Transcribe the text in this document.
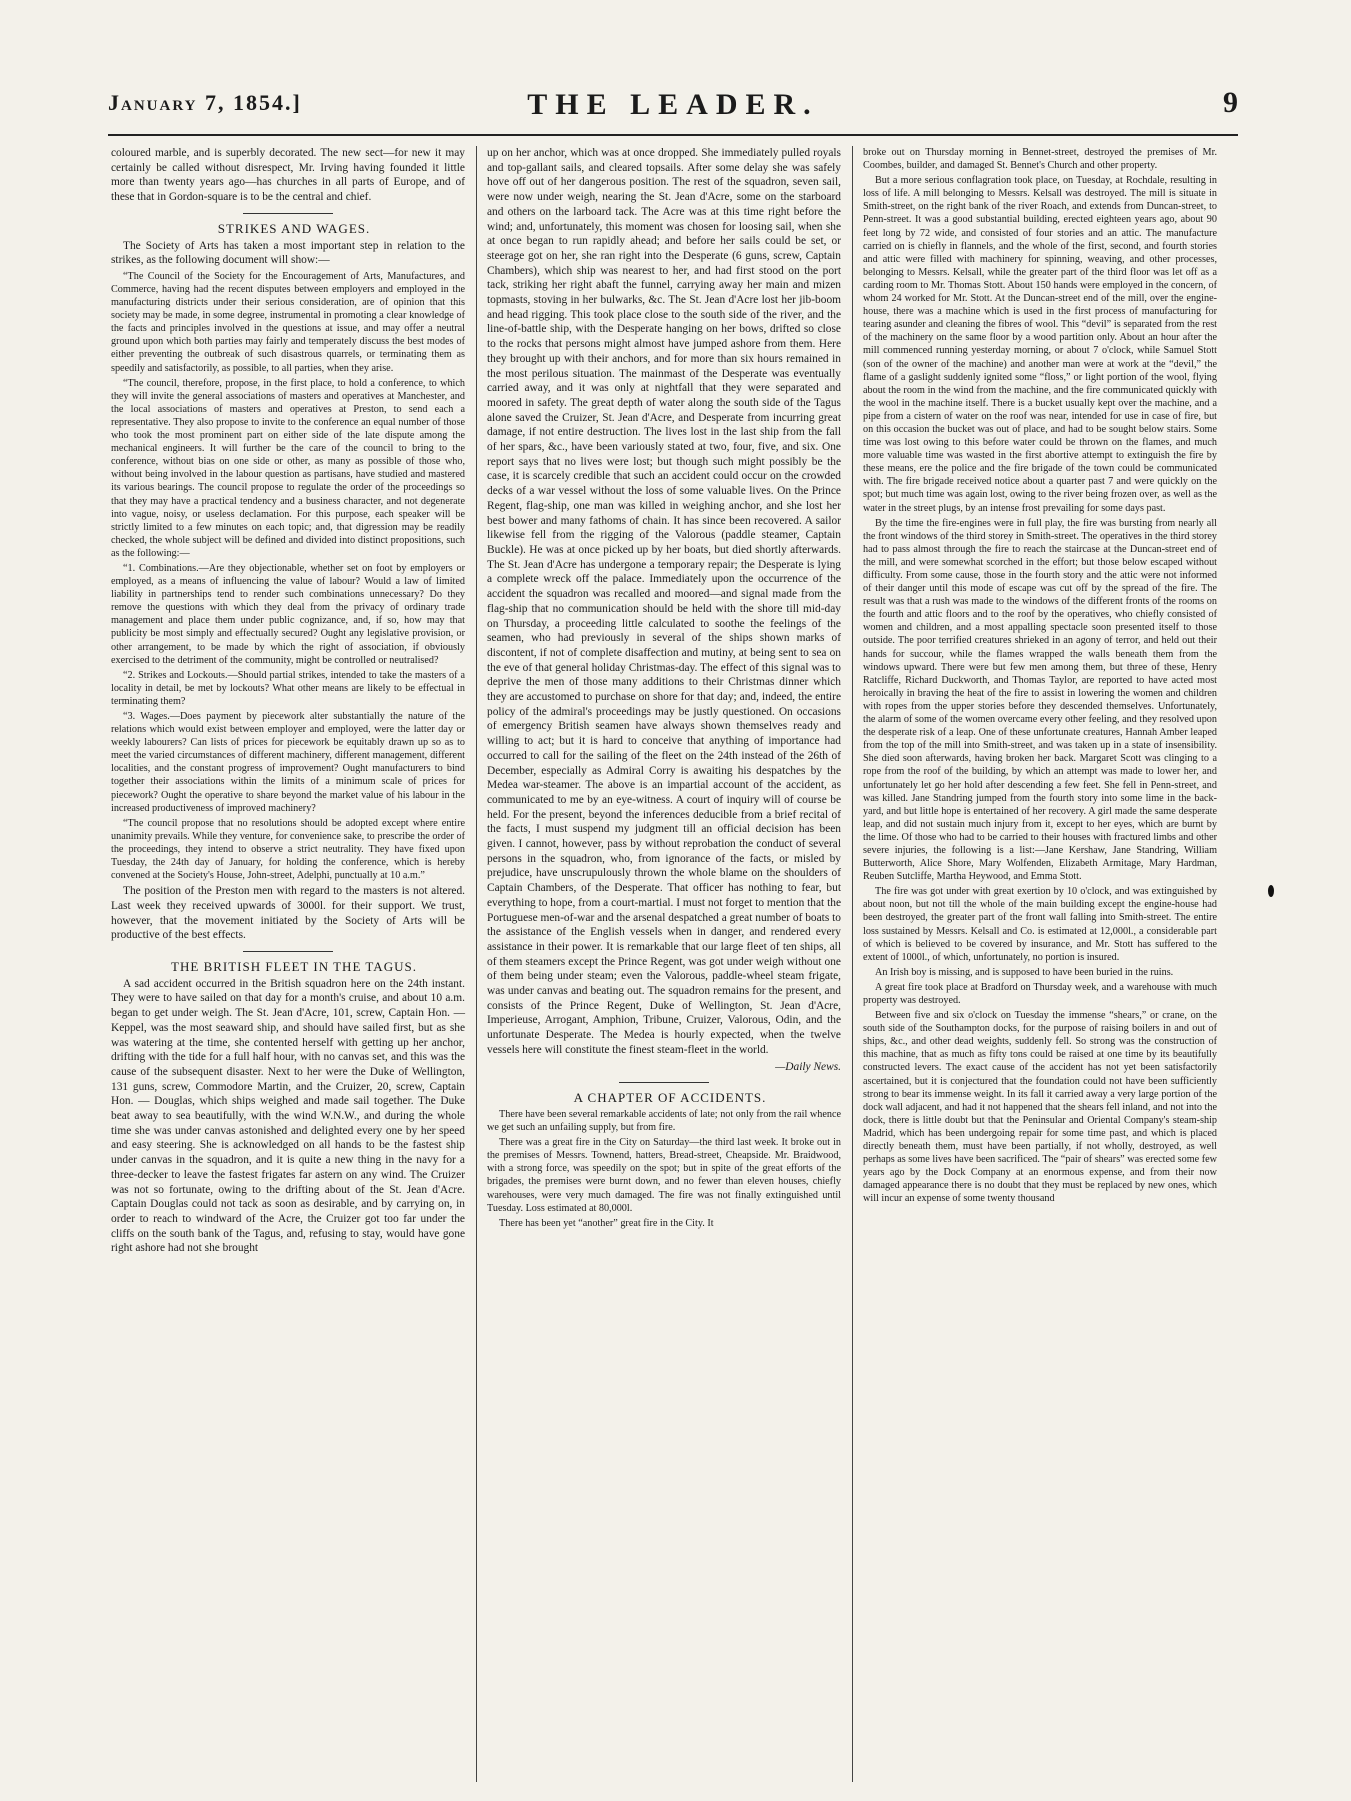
January 7, 1854.]	THE LEADER.	9

coloured marble, and is superbly decorated. The new sect—for new it may certainly be called without disrespect, Mr. Irving having founded it little more than twenty years ago—has churches in all parts of Europe, and of these that in Gordon-square is to be the central and chief.

STRIKES AND WAGES.

The Society of Arts has taken a most important step in relation to the strikes, as the following document will show:—

“The Council of the Society for the Encouragement of Arts, Manufactures, and Commerce, having had the recent disputes between employers and employed in the manufacturing districts under their serious consideration, are of opinion that this society may be made, in some degree, instrumental in promoting a clear knowledge of the facts and principles involved in the questions at issue, and may offer a neutral ground upon which both parties may fairly and temperately discuss the best modes of either preventing the outbreak of such disastrous quarrels, or terminating them as speedily and satisfactorily, as possible, to all parties, when they arise.

“The council, therefore, propose, in the first place, to hold a conference, to which they will invite the general associations of masters and operatives at Manchester, and the local associations of masters and operatives at Preston, to send each a representative. They also propose to invite to the conference an equal number of those who took the most prominent part on either side of the late dispute among the mechanical engineers. It will further be the care of the council to bring to the conference, without bias on one side or other, as many as possible of those who, without being involved in the labour question as partisans, have studied and mastered its various bearings. The council propose to regulate the order of the proceedings so that they may have a practical tendency and a business character, and not degenerate into vague, noisy, or useless declamation. For this purpose, each speaker will be strictly limited to a few minutes on each topic; and, that digression may be readily checked, the whole subject will be defined and divided into distinct propositions, such as the following:—

“1. Combinations.—Are they objectionable, whether set on foot by employers or employed, as a means of influencing the value of labour? Would a law of limited liability in partnerships tend to render such combinations unnecessary? Do they remove the questions with which they deal from the privacy of ordinary trade management and place them under public cognizance, and, if so, how may that publicity be most simply and effectually secured? Ought any legislative provision, or other arrangement, to be made by which the right of association, if obviously exercised to the detriment of the community, might be controlled or neutralised?

“2. Strikes and Lockouts.—Should partial strikes, intended to take the masters of a locality in detail, be met by lockouts? What other means are likely to be effectual in terminating them?

“3. Wages.—Does payment by piecework alter substantially the nature of the relations which would exist between employer and employed, were the latter day or weekly labourers? Can lists of prices for piecework be equitably drawn up so as to meet the varied circumstances of different machinery, different management, different localities, and the constant progress of improvement? Ought manufacturers to bind together their associations within the limits of a minimum scale of prices for piecework? Ought the operative to share beyond the market value of his labour in the increased productiveness of improved machinery?

“The council propose that no resolutions should be adopted except where entire unanimity prevails. While they venture, for convenience sake, to prescribe the order of the proceedings, they intend to observe a strict neutrality. They have fixed upon Tuesday, the 24th day of January, for holding the conference, which is hereby convened at the Society's House, John-street, Adelphi, punctually at 10 a.m.”

The position of the Preston men with regard to the masters is not altered. Last week they received upwards of 3000l. for their support. We trust, however, that the movement initiated by the Society of Arts will be productive of the best effects.

THE BRITISH FLEET IN THE TAGUS.

A sad accident occurred in the British squadron here on the 24th instant. They were to have sailed on that day for a month's cruise, and about 10 a.m. began to get under weigh. The St. Jean d'Acre, 101, screw, Captain Hon. — Keppel, was the most seaward ship, and should have sailed first, but as she was watering at the time, she contented herself with getting up her anchor, drifting with the tide for a full half hour, with no canvas set, and this was the cause of the subsequent disaster. Next to her were the Duke of Wellington, 131 guns, screw, Commodore Martin, and the Cruizer, 20, screw, Captain Hon. — Douglas, which ships weighed and made sail together. The Duke beat away to sea beautifully, with the wind W.N.W., and during the whole time she was under canvas astonished and delighted every one by her speed and easy steering. She is acknowledged on all hands to be the fastest ship under canvas in the squadron, and it is quite a new thing in the navy for a three-decker to leave the fastest frigates far astern on any wind. The Cruizer was not so fortunate, owing to the drifting about of the St. Jean d'Acre. Captain Douglas could not tack as soon as desirable, and by carrying on, in order to reach to windward of the Acre, the Cruizer got too far under the cliffs on the south bank of the Tagus, and, refusing to stay, would have gone right ashore had not she brought

up on her anchor, which was at once dropped. She immediately pulled royals and top-gallant sails, and cleared topsails. After some delay she was safely hove off out of her dangerous position. The rest of the squadron, seven sail, were now under weigh, nearing the St. Jean d'Acre, some on the starboard and others on the larboard tack. The Acre was at this time right before the wind; and, unfortunately, this moment was chosen for loosing sail, when she at once began to run rapidly ahead; and before her sails could be set, or steerage got on her, she ran right into the Desperate (6 guns, screw, Captain Chambers), which ship was nearest to her, and had first stood on the port tack, striking her right abaft the funnel, carrying away her main and mizen topmasts, stoving in her bulwarks, &c. The St. Jean d'Acre lost her jib-boom and head rigging. This took place close to the south side of the river, and the line-of-battle ship, with the Desperate hanging on her bows, drifted so close to the rocks that persons might almost have jumped ashore from them. Here they brought up with their anchors, and for more than six hours remained in the most perilous situation. The mainmast of the Desperate was eventually carried away, and it was only at nightfall that they were separated and moored in safety. The great depth of water along the south side of the Tagus alone saved the Cruizer, St. Jean d'Acre, and Desperate from incurring great damage, if not entire destruction. The lives lost in the last ship from the fall of her spars, &c., have been variously stated at two, four, five, and six. One report says that no lives were lost; but though such might possibly be the case, it is scarcely credible that such an accident could occur on the crowded decks of a war vessel without the loss of some valuable lives. On the Prince Regent, flag-ship, one man was killed in weighing anchor, and she lost her best bower and many fathoms of chain. It has since been recovered. A sailor likewise fell from the rigging of the Valorous (paddle steamer, Captain Buckle). He was at once picked up by her boats, but died shortly afterwards. The St. Jean d'Acre has undergone a temporary repair; the Desperate is lying a complete wreck off the palace. Immediately upon the occurrence of the accident the squadron was recalled and moored—and signal made from the flag-ship that no communication should be held with the shore till mid-day on Thursday, a proceeding little calculated to soothe the feelings of the seamen, who had previously in several of the ships shown marks of discontent, if not of complete disaffection and mutiny, at being sent to sea on the eve of that general holiday Christmas-day. The effect of this signal was to deprive the men of those many additions to their Christmas dinner which they are accustomed to purchase on shore for that day; and, indeed, the entire policy of the admiral's proceedings may be justly questioned. On occasions of emergency British seamen have always shown themselves ready and willing to act; but it is hard to conceive that anything of importance had occurred to call for the sailing of the fleet on the 24th instead of the 26th of December, especially as Admiral Corry is awaiting his despatches by the Medea war-steamer. The above is an impartial account of the accident, as communicated to me by an eye-witness. A court of inquiry will of course be held. For the present, beyond the inferences deducible from a brief recital of the facts, I must suspend my judgment till an official decision has been given. I cannot, however, pass by without reprobation the conduct of several persons in the squadron, who, from ignorance of the facts, or misled by prejudice, have unscrupulously thrown the whole blame on the shoulders of Captain Chambers, of the Desperate. That officer has nothing to fear, but everything to hope, from a court-martial. I must not forget to mention that the Portuguese men-of-war and the arsenal despatched a great number of boats to the assistance of the English vessels when in danger, and rendered every assistance in their power. It is remarkable that our large fleet of ten ships, all of them steamers except the Prince Regent, was got under weigh without one of them being under steam; even the Valorous, paddle-wheel steam frigate, was under canvas and beating out. The squadron remains for the present, and consists of the Prince Regent, Duke of Wellington, St. Jean d'Acre, Imperieuse, Arrogant, Amphion, Tribune, Cruizer, Valorous, Odin, and the unfortunate Desperate. The Medea is hourly expected, when the twelve vessels here will constitute the finest steam-fleet in the world.

—Daily News.

A CHAPTER OF ACCIDENTS.

There have been several remarkable accidents of late; not only from the rail whence we get such an unfailing supply, but from fire.

There was a great fire in the City on Saturday—the third last week. It broke out in the premises of Messrs. Townend, hatters, Bread-street, Cheapside. Mr. Braidwood, with a strong force, was speedily on the spot; but in spite of the great efforts of the brigades, the premises were burnt down, and no fewer than eleven houses, chiefly warehouses, were very much damaged. The fire was not finally extinguished until Tuesday. Loss estimated at 80,000l.

There has been yet “another” great fire in the City. It

broke out on Thursday morning in Bennet-street, destroyed the premises of Mr. Coombes, builder, and damaged St. Bennet's Church and other property.

But a more serious conflagration took place, on Tuesday, at Rochdale, resulting in loss of life. A mill belonging to Messrs. Kelsall was destroyed. The mill is situate in Smith-street, on the right bank of the river Roach, and extends from Duncan-street, to Penn-street. It was a good substantial building, erected eighteen years ago, about 90 feet long by 72 wide, and consisted of four stories and an attic. The manufacture carried on is chiefly in flannels, and the whole of the first, second, and fourth stories and attic were filled with machinery for spinning, weaving, and other processes, belonging to Messrs. Kelsall, while the greater part of the third floor was let off as a carding room to Mr. Thomas Stott. About 150 hands were employed in the concern, of whom 24 worked for Mr. Stott. At the Duncan-street end of the mill, over the engine-house, there was a machine which is used in the first process of manufacturing for tearing asunder and cleaning the fibres of wool. This “devil” is separated from the rest of the machinery on the same floor by a wood partition only. About an hour after the mill commenced running yesterday morning, or about 7 o'clock, while Samuel Stott (son of the owner of the machine) and another man were at work at the “devil,” the flame of a gaslight suddenly ignited some “floss,” or light portion of the wool, flying about the room in the wind from the machine, and the fire communicated quickly with the wool in the machine itself. There is a bucket usually kept over the machine, and a pipe from a cistern of water on the roof was near, intended for use in case of fire, but on this occasion the bucket was out of place, and had to be sought below stairs. Some time was lost owing to this before water could be thrown on the flames, and much more valuable time was wasted in the first abortive attempt to extinguish the fire by these means, ere the police and the fire brigade of the town could be communicated with. The fire brigade received notice about a quarter past 7 and were quickly on the spot; but much time was again lost, owing to the river being frozen over, as well as the water in the street plugs, by an intense frost prevailing for some days past.

By the time the fire-engines were in full play, the fire was bursting from nearly all the front windows of the third storey in Smith-street. The operatives in the third storey had to pass almost through the fire to reach the staircase at the Duncan-street end of the mill, and were somewhat scorched in the effort; but those below escaped without difficulty. From some cause, those in the fourth story and the attic were not informed of their danger until this mode of escape was cut off by the spread of the fire. The result was that a rush was made to the windows of the different fronts of the rooms on the fourth and attic floors and to the roof by the operatives, who chiefly consisted of women and children, and a most appalling spectacle soon presented itself to those outside. The poor terrified creatures shrieked in an agony of terror, and held out their hands for succour, while the flames wrapped the walls beneath them from the windows upward. There were but few men among them, but three of these, Henry Ratcliffe, Richard Duckworth, and Thomas Taylor, are reported to have acted most heroically in braving the heat of the fire to assist in lowering the women and children with ropes from the upper stories before they descended themselves. Unfortunately, the alarm of some of the women overcame every other feeling, and they resolved upon the desperate risk of a leap. One of these unfortunate creatures, Hannah Amber leaped from the top of the mill into Smith-street, and was taken up in a state of insensibility. She died soon afterwards, having broken her back. Margaret Scott was clinging to a rope from the roof of the building, by which an attempt was made to lower her, and unfortunately let go her hold after descending a few feet. She fell in Penn-street, and was killed. Jane Standring jumped from the fourth story into some lime in the back-yard, and but little hope is entertained of her recovery. A girl made the same desperate leap, and did not sustain much injury from it, except to her eyes, which are burnt by the lime. Of those who had to be carried to their houses with fractured limbs and other severe injuries, the following is a list:—Jane Kershaw, Jane Standring, William Butterworth, Alice Shore, Mary Wolfenden, Elizabeth Armitage, Mary Hardman, Reuben Sutcliffe, Martha Heywood, and Emma Stott.

The fire was got under with great exertion by 10 o'clock, and was extinguished by about noon, but not till the whole of the main building except the engine-house had been destroyed, the greater part of the front wall falling into Smith-street. The entire loss sustained by Messrs. Kelsall and Co. is estimated at 12,000l., a considerable part of which is believed to be covered by insurance, and Mr. Stott has suffered to the extent of 1000l., of which, unfortunately, no portion is insured.

An Irish boy is missing, and is supposed to have been buried in the ruins.

A great fire took place at Bradford on Thursday week, and a warehouse with much property was destroyed.

Between five and six o'clock on Tuesday the immense “shears,” or crane, on the south side of the Southampton docks, for the purpose of raising boilers in and out of ships, &c., and other dead weights, suddenly fell. So strong was the construction of this machine, that as much as fifty tons could be raised at one time by its beautifully constructed levers. The exact cause of the accident has not yet been satisfactorily ascertained, but it is conjectured that the foundation could not have been sufficiently strong to bear its immense weight. In its fall it carried away a very large portion of the dock wall adjacent, and had it not happened that the shears fell inland, and not into the dock, there is little doubt but that the Peninsular and Oriental Company's steam-ship Madrid, which has been undergoing repair for some time past, and which is placed directly beneath them, must have been partially, if not wholly, destroyed, as well perhaps as some lives have been sacrificed. The “pair of shears” was erected some few years ago by the Dock Company at an enormous expense, and from their now damaged appearance there is no doubt that they must be replaced by new ones, which will incur an expense of some twenty thousand
